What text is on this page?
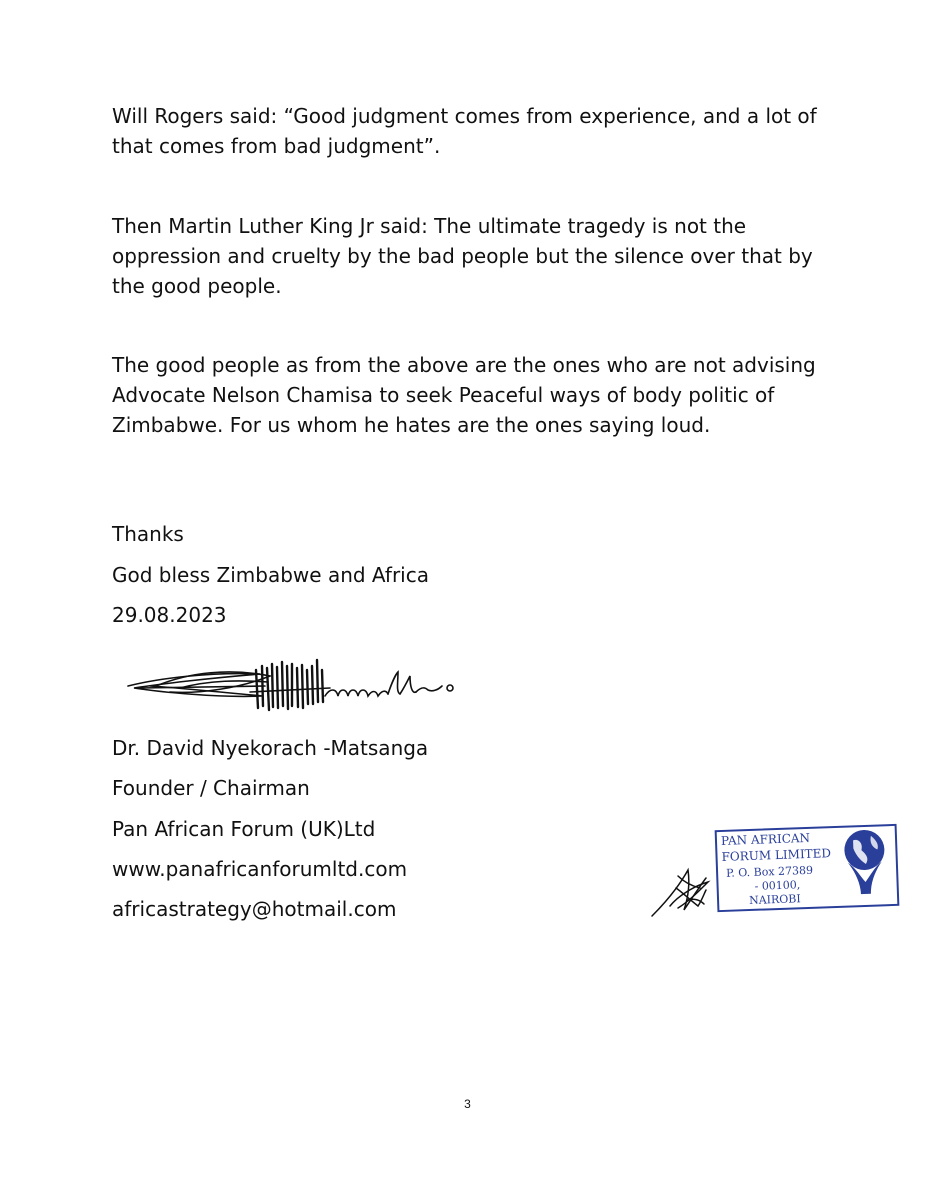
Will Rogers said: “Good judgment comes from experience, and a lot of that comes from bad judgment”.

Then Martin Luther King Jr said: The ultimate tragedy is not the oppression and cruelty by the bad people but the silence over that by the good people.

The good people as from the above are the ones who are not advising Advocate Nelson Chamisa to seek Peaceful ways of body politic of Zimbabwe. For us whom he hates are the ones saying loud.

Thanks
God bless Zimbabwe and Africa
29.08.2023
Dr. David Nyekorach -Matsanga
Founder / Chairman
Pan African Forum (UK)Ltd
www.panafricanforumltd.com
africastrategy@hotmail.com
PAN AFRICAN
FORUM LIMITED
P. O. Box 27389
- 00100,
NAIROBI
3
